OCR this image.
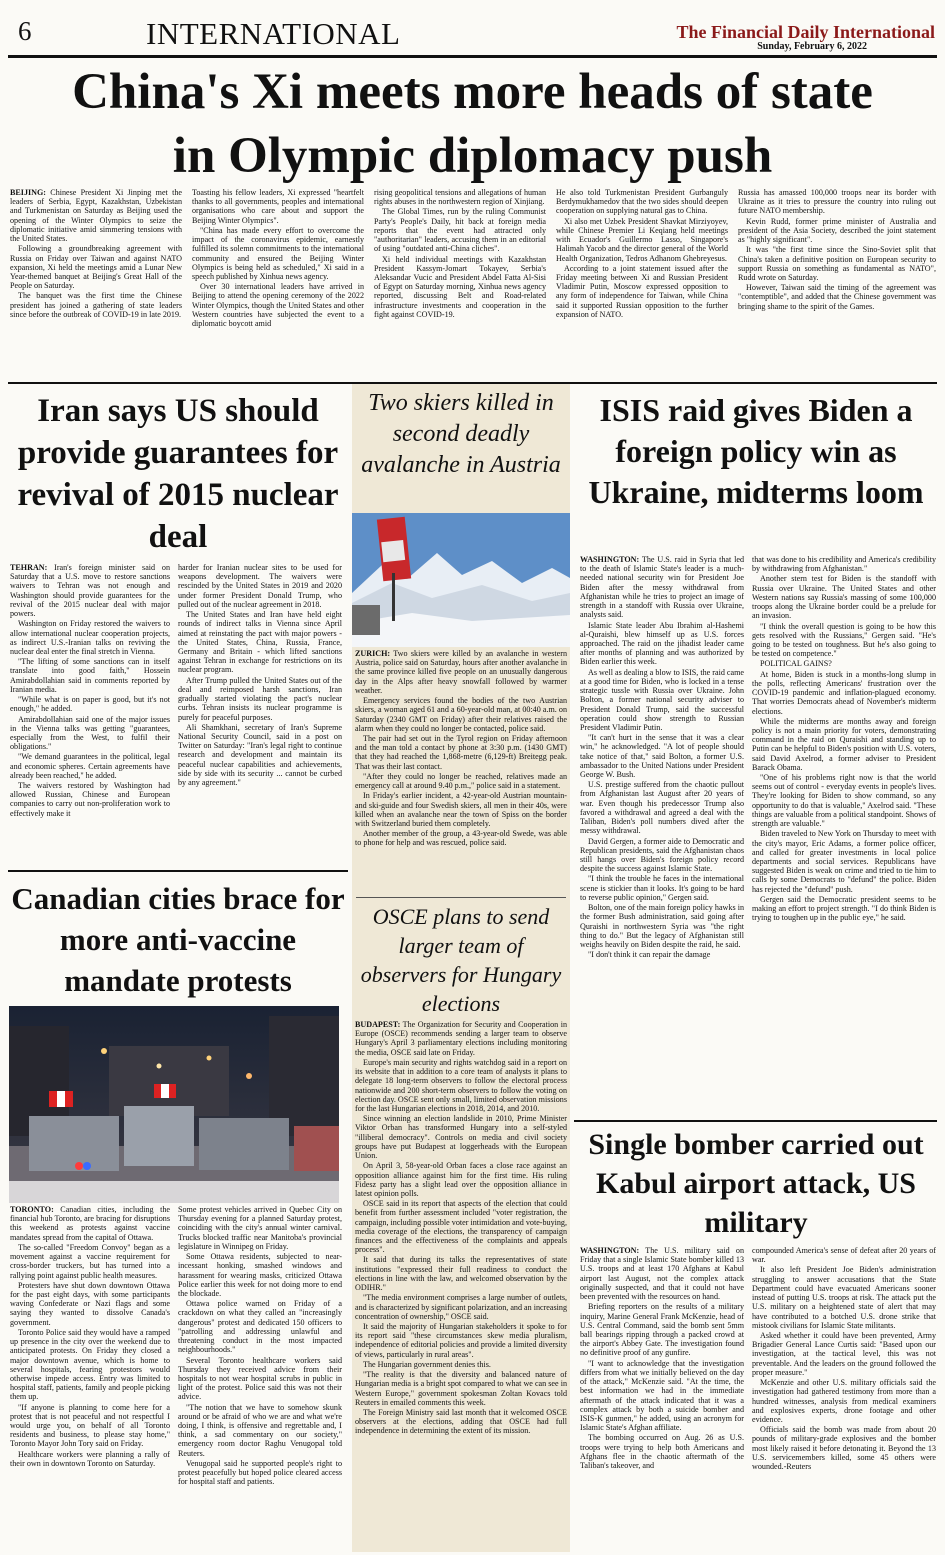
6	INTERNATIONAL	The Financial Daily International
Sunday, February 6, 2022
China's Xi meets more heads of state
in Olympic diplomacy push

BEIJING: Chinese President Xi Jinping met the leaders of Serbia, Egypt, Kazakhstan, Uzbekistan and Turkmenistan on Saturday as Beijing used the opening of the Winter Olympics to seize the diplomatic initiative amid simmering tensions with the United States.

Following a groundbreaking agreement with Russia on Friday over Taiwan and against NATO expansion, Xi held the meetings amid a Lunar New Year-themed banquet at Beijing's Great Hall of the People on Saturday.

The banquet was the first time the Chinese president has joined a gathering of state leaders since before the outbreak of COVID-19 in late 2019.

Toasting his fellow leaders, Xi expressed "heartfelt thanks to all governments, peoples and international organisations who care about and support the Beijing Winter Olympics".

"China has made every effort to overcome the impact of the coronavirus epidemic, earnestly fulfilled its solemn commitments to the international community and ensured the Beijing Winter Olympics is being held as scheduled," Xi said in a speech published by Xinhua news agency.

Over 30 international leaders have arrived in Beijing to attend the opening ceremony of the 2022 Winter Olympics, though the United States and other Western countries have subjected the event to a diplomatic boycott amid

rising geopolitical tensions and allegations of human rights abuses in the northwestern region of Xinjiang.

The Global Times, run by the ruling Communist Party's People's Daily, hit back at foreign media reports that the event had attracted only "authoritarian" leaders, accusing them in an editorial of using "outdated anti-China cliches".

Xi held individual meetings with Kazakhstan President Kassym-Jomart Tokayev, Serbia's Aleksandar Vucic and President Abdel Fatta Al-Sisi of Egypt on Saturday morning, Xinhua news agency reported, discussing Belt and Road-related infrastructure investments and cooperation in the fight against COVID-19.

He also told Turkmenistan President Gurbanguly Berdymukhamedov that the two sides should deepen cooperation on supplying natural gas to China.

Xi also met Uzbek President Shavkat Mirziyoyev, while Chinese Premier Li Keqiang held meetings with Ecuador's Guillermo Lasso, Singapore's Halimah Yacob and the director general of the World Health Organization, Tedros Adhanom Ghebreyesus.

According to a joint statement issued after the Friday meeting between Xi and Russian President Vladimir Putin, Moscow expressed opposition to any form of independence for Taiwan, while China said it supported Russian opposition to the further expansion of NATO.

Russia has amassed 100,000 troops near its border with Ukraine as it tries to pressure the country into ruling out future NATO membership.

Kevin Rudd, former prime minister of Australia and president of the Asia Society, described the joint statement as "highly significant".

It was "the first time since the Sino-Soviet split that China's taken a definitive position on European security to support Russia on something as fundamental as NATO", Rudd wrote on Saturday.

However, Taiwan said the timing of the agreement was "contemptible", and added that the Chinese government was bringing shame to the spirit of the Games.

Iran says US should provide guarantees for revival of 2015 nuclear deal

TEHRAN: Iran's foreign minister said on Saturday that a U.S. move to restore sanctions waivers to Tehran was not enough and Washington should provide guarantees for the revival of the 2015 nuclear deal with major powers.

Washington on Friday restored the waivers to allow international nuclear cooperation projects, as indirect U.S.-Iranian talks on reviving the nuclear deal enter the final stretch in Vienna.

"The lifting of some sanctions can in itself translate into good faith," Hossein Amirabdollahian said in comments reported by Iranian media.

"While what is on paper is good, but it's not enough," he added.

Amirabdollahian said one of the major issues in the Vienna talks was getting "guarantees, especially from the West, to fulfil their obligations."

"We demand guarantees in the political, legal and economic spheres. Certain agreements have already been reached," he added.

The waivers restored by Washington had allowed Russian, Chinese and European companies to carry out non-proliferation work to effectively make it

harder for Iranian nuclear sites to be used for weapons development. The waivers were rescinded by the United States in 2019 and 2020 under former President Donald Trump, who pulled out of the nuclear agreement in 2018.

The United States and Iran have held eight rounds of indirect talks in Vienna since April aimed at reinstating the pact with major powers - the United States, China, Russia, France, Germany and Britain - which lifted sanctions against Tehran in exchange for restrictions on its nuclear program.

After Trump pulled the United States out of the deal and reimposed harsh sanctions, Iran gradually started violating the pact's nuclear curbs. Tehran insists its nuclear programme is purely for peaceful purposes.

Ali Shamkhani, secretary of Iran's Supreme National Security Council, said in a post on Twitter on Saturday: "Iran's legal right to continue research and development and maintain its peaceful nuclear capabilities and achievements, side by side with its security ... cannot be curbed by any agreement."

Canadian cities brace for more anti-vaccine mandate protests

TORONTO: Canadian cities, including the financial hub Toronto, are bracing for disruptions this weekend as protests against vaccine mandates spread from the capital of Ottawa.

The so-called "Freedom Convoy" began as a movement against a vaccine requirement for cross-border truckers, but has turned into a rallying point against public health measures.

Protesters have shut down downtown Ottawa for the past eight days, with some participants waving Confederate or Nazi flags and some saying they wanted to dissolve Canada's government.

Toronto Police said they would have a ramped up presence in the city over the weekend due to anticipated protests. On Friday they closed a major downtown avenue, which is home to several hospitals, fearing protestors would otherwise impede access. Entry was limited to hospital staff, patients, family and people picking them up.

"If anyone is planning to come here for a protest that is not peaceful and not respectful I would urge you, on behalf of all Toronto residents and business, to please stay home," Toronto Mayor John Tory said on Friday.

Healthcare workers were planning a rally of their own in downtown Toronto on Saturday.

Some protest vehicles arrived in Quebec City on Thursday evening for a planned Saturday protest, coinciding with the city's annual winter carnival. Trucks blocked traffic near Manitoba's provincial legislature in Winnipeg on Friday.

Some Ottawa residents, subjected to near-incessant honking, smashed windows and harassment for wearing masks, criticized Ottawa Police earlier this week for not doing more to end the blockade.

Ottawa police warned on Friday of a crackdown on what they called an "increasingly dangerous" protest and dedicated 150 officers to "patrolling and addressing unlawful and threatening conduct in the most impacted neighbourhoods."

Several Toronto healthcare workers said Thursday they received advice from their hospitals to not wear hospital scrubs in public in light of the protest. Police said this was not their advice.

"The notion that we have to somehow skunk around or be afraid of who we are and what we're doing, I think, is offensive and regrettable and, I think, a sad commentary on our society," emergency room doctor Raghu Venugopal told Reuters.

Venugopal said he supported people's right to protest peacefully but hoped police cleared access for hospital staff and patients.

Two skiers killed in second deadly avalanche in Austria

ZURICH: Two skiers were killed by an avalanche in western Austria, police said on Saturday, hours after another avalanche in the same province killed five people on an unusually dangerous day in the Alps after heavy snowfall followed by warmer weather.

Emergency services found the bodies of the two Austrian skiers, a woman aged 61 and a 60-year-old man, at 00:40 a.m. on Saturday (2340 GMT on Friday) after their relatives raised the alarm when they could no longer be contacted, police said.

The pair had set out in the Tyrol region on Friday afternoon and the man told a contact by phone at 3:30 p.m. (1430 GMT) that they had reached the 1,868-metre (6,129-ft) Breitegg peak. That was their last contact.

"After they could no longer be reached, relatives made an emergency call at around 9.40 p.m.," police said in a statement.

In Friday's earlier incident, a 42-year-old Austrian mountain- and ski-guide and four Swedish skiers, all men in their 40s, were killed when an avalanche near the town of Spiss on the border with Switzerland buried them completely.

Another member of the group, a 43-year-old Swede, was able to phone for help and was rescued, police said.

OSCE plans to send larger team of observers for Hungary elections

BUDAPEST: The Organization for Security and Cooperation in Europe (OSCE) recommends sending a larger team to observe Hungary's April 3 parliamentary elections including monitoring the media, OSCE said late on Friday.

Europe's main security and rights watchdog said in a report on its website that in addition to a core team of analysts it plans to delegate 18 long-term observers to follow the electoral process nationwide and 200 short-term observers to follow the voting on election day. OSCE sent only small, limited observation missions for the last Hungarian elections in 2018, 2014, and 2010.

Since winning an election landslide in 2010, Prime Minister Viktor Orban has transformed Hungary into a self-styled "illiberal democracy". Controls on media and civil society groups have put Budapest at loggerheads with the European Union.

On April 3, 58-year-old Orban faces a close race against an opposition alliance against him for the first time. His ruling Fidesz party has a slight lead over the opposition alliance in latest opinion polls.

OSCE said in its report that aspects of the election that could benefit from further assessment included "voter registration, the campaign, including possible voter intimidation and vote-buying, media coverage of the elections, the transparency of campaign finances and the effectiveness of the complaints and appeals process".

It said that during its talks the representatives of state institutions "expressed their full readiness to conduct the elections in line with the law, and welcomed observation by the ODIHR."

"The media environment comprises a large number of outlets, and is characterized by significant polarization, and an increasing concentration of ownership," OSCE said.

It said the majority of Hungarian stakeholders it spoke to for its report said "these circumstances skew media pluralism, independence of editorial policies and provide a limited diversity of views, particularly in rural areas".

The Hungarian government denies this.

"The reality is that the diversity and balanced nature of Hungarian media is a bright spot compared to what we can see in Western Europe," government spokesman Zoltan Kovacs told Reuters in emailed comments this week.

The Foreign Ministry said last month that it welcomed OSCE observers at the elections, adding that OSCE had full independence in determining the extent of its mission.

ISIS raid gives Biden a foreign policy win as Ukraine, midterms loom

WASHINGTON: The U.S. raid in Syria that led to the death of Islamic State's leader is a much-needed national security win for President Joe Biden after the messy withdrawal from Afghanistan while he tries to project an image of strength in a standoff with Russia over Ukraine, analysts said.

Islamic State leader Abu Ibrahim al-Hashemi al-Quraishi, blew himself up as U.S. forces approached. The raid on the jihadist leader came after months of planning and was authorized by Biden earlier this week.

As well as dealing a blow to ISIS, the raid came at a good time for Biden, who is locked in a tense strategic tussle with Russia over Ukraine. John Bolton, a former national security adviser to President Donald Trump, said the successful operation could show strength to Russian President Vladimir Putin.

"It can't hurt in the sense that it was a clear win," he acknowledged. "A lot of people should take notice of that," said Bolton, a former U.S. ambassador to the United Nations under President George W. Bush.

U.S. prestige suffered from the chaotic pullout from Afghanistan last August after 20 years of war. Even though his predecessor Trump also favored a withdrawal and agreed a deal with the Taliban, Biden's poll numbers dived after the messy withdrawal.

David Gergen, a former aide to Democratic and Republican presidents, said the Afghanistan chaos still hangs over Biden's foreign policy record despite the success against Islamic State.

"I think the trouble he faces in the international scene is stickier than it looks. It's going to be hard to reverse public opinion," Gergen said.

Bolton, one of the main foreign policy hawks in the former Bush administration, said going after Quraishi in northwestern Syria was "the right thing to do." But the legacy of Afghanistan still weighs heavily on Biden despite the raid, he said.

"I don't think it can repair the damage

that was done to his credibility and America's credibility by withdrawing from Afghanistan."

Another stern test for Biden is the standoff with Russia over Ukraine. The United States and other Western nations say Russia's massing of some 100,000 troops along the Ukraine border could be a prelude for an invasion.

"I think the overall question is going to be how this gets resolved with the Russians," Gergen said. "He's going to be tested on toughness. But he's also going to be tested on competence."

POLITICAL GAINS?

At home, Biden is stuck in a months-long slump in the polls, reflecting Americans' frustration over the COVID-19 pandemic and inflation-plagued economy. That worries Democrats ahead of November's midterm elections.

While the midterms are months away and foreign policy is not a main priority for voters, demonstrating command in the raid on Quraishi and standing up to Putin can be helpful to Biden's position with U.S. voters, said David Axelrod, a former adviser to President Barack Obama.

"One of his problems right now is that the world seems out of control - everyday events in people's lives. They're looking for Biden to show command, so any opportunity to do that is valuable," Axelrod said. "These things are valuable from a political standpoint. Shows of strength are valuable."

Biden traveled to New York on Thursday to meet with the city's mayor, Eric Adams, a former police officer, and called for greater investments in local police departments and social services. Republicans have suggested Biden is weak on crime and tried to tie him to calls by some Democrats to "defund" the police. Biden has rejected the "defund" push.

Gergen said the Democratic president seems to be making an effort to project strength. "I do think Biden is trying to toughen up in the public eye," he said.

Single bomber carried out Kabul airport attack, US military

WASHINGTON: The U.S. military said on Friday that a single Islamic State bomber killed 13 U.S. troops and at least 170 Afghans at Kabul airport last August, not the complex attack originally suspected, and that it could not have been prevented with the resources on hand.

Briefing reporters on the results of a military inquiry, Marine General Frank McKenzie, head of U.S. Central Command, said the bomb sent 5mm ball bearings ripping through a packed crowd at the airport's Abbey Gate. The investigation found no definitive proof of any gunfire.

"I want to acknowledge that the investigation differs from what we initially believed on the day of the attack," McKenzie said. "At the time, the best information we had in the immediate aftermath of the attack indicated that it was a complex attack by both a suicide bomber and ISIS-K gunmen," he added, using an acronym for Islamic State's Afghan affiliate.

The bombing occurred on Aug. 26 as U.S. troops were trying to help both Americans and Afghans flee in the chaotic aftermath of the Taliban's takeover, and

compounded America's sense of defeat after 20 years of war.

It also left President Joe Biden's administration struggling to answer accusations that the State Department could have evacuated Americans sooner instead of putting U.S. troops at risk. The attack put the U.S. military on a heightened state of alert that may have contributed to a botched U.S. drone strike that mistook civilians for Islamic State militants.

Asked whether it could have been prevented, Army Brigadier General Lance Curtis said: "Based upon our investigation, at the tactical level, this was not preventable. And the leaders on the ground followed the proper measure."

McKenzie and other U.S. military officials said the investigation had gathered testimony from more than a hundred witnesses, analysis from medical examiners and explosives experts, drone footage and other evidence.

Officials said the bomb was made from about 20 pounds of military-grade explosives and the bomber most likely raised it before detonating it. Beyond the 13 U.S. servicemembers killed, some 45 others were wounded.-Reuters
